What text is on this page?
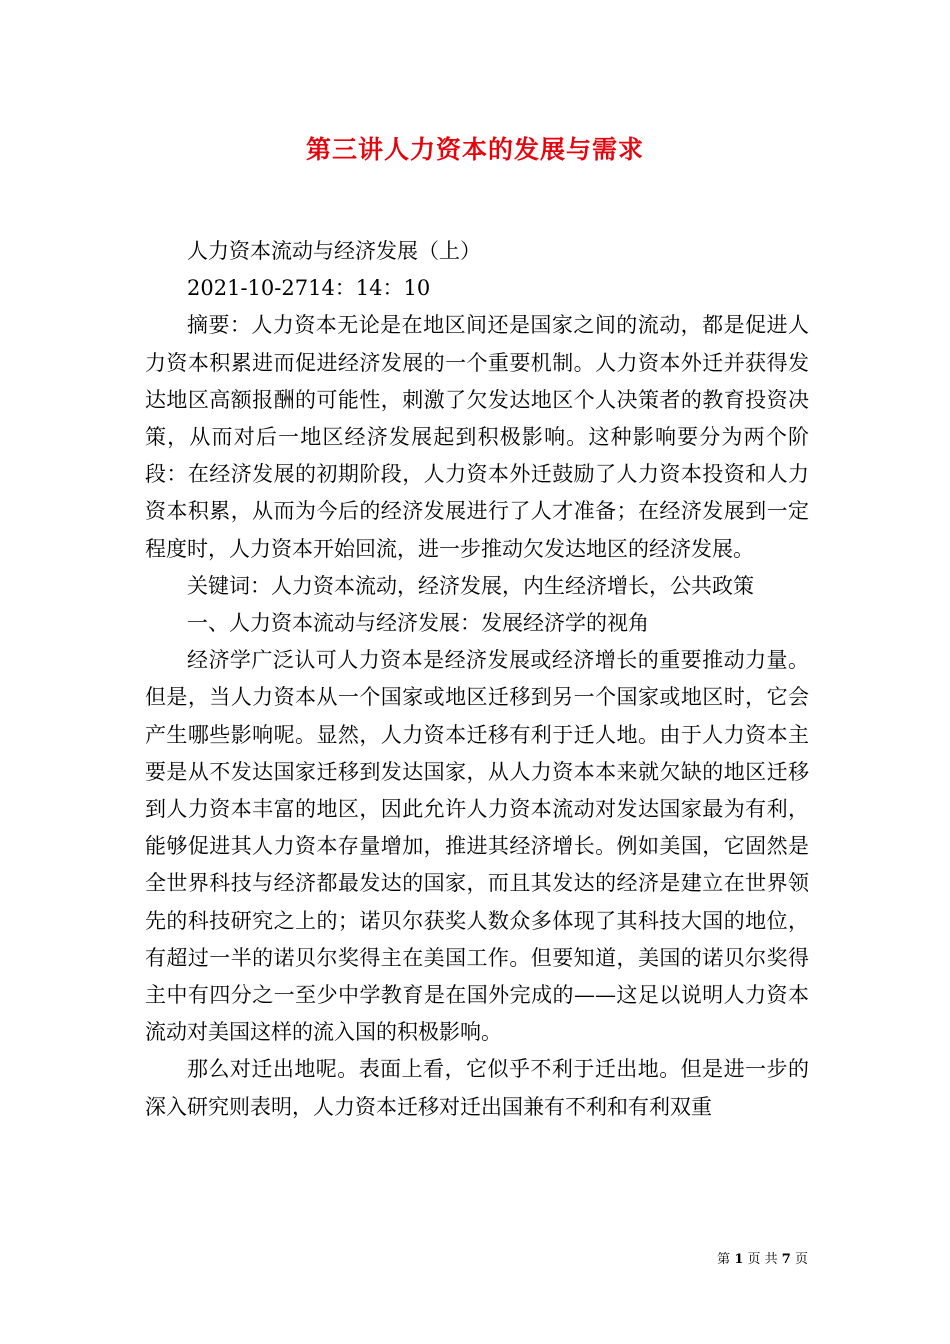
第三讲人力资本的发展与需求

人力资本流动与经济发展（上）

2021-10-2714：14：10

摘要：人力资本无论是在地区间还是国家之间的流动，都是促进人力资本积累进而促进经济发展的一个重要机制。人力资本外迁并获得发达地区高额报酬的可能性，刺激了欠发达地区个人决策者的教育投资决策，从而对后一地区经济发展起到积极影响。这种影响要分为两个阶段：在经济发展的初期阶段，人力资本外迁鼓励了人力资本投资和人力资本积累，从而为今后的经济发展进行了人才准备；在经济发展到一定程度时，人力资本开始回流，进一步推动欠发达地区的经济发展。

关键词：人力资本流动，经济发展，内生经济增长，公共政策

一、人力资本流动与经济发展：发展经济学的视角

经济学广泛认可人力资本是经济发展或经济增长的重要推动力量。但是，当人力资本从一个国家或地区迁移到另一个国家或地区时，它会产生哪些影响呢。显然，人力资本迁移有利于迁人地。由于人力资本主要是从不发达国家迁移到发达国家，从人力资本本来就欠缺的地区迁移到人力资本丰富的地区，因此允许人力资本流动对发达国家最为有利，能够促进其人力资本存量增加，推进其经济增长。例如美国，它固然是全世界科技与经济都最发达的国家，而且其发达的经济是建立在世界领先的科技研究之上的；诺贝尔获奖人数众多体现了其科技大国的地位，有超过一半的诺贝尔奖得主在美国工作。但要知道，美国的诺贝尔奖得主中有四分之一至少中学教育是在国外完成的——这足以说明人力资本流动对美国这样的流入国的积极影响。

那么对迁出地呢。表面上看，它似乎不利于迁出地。但是进一步的深入研究则表明，人力资本迁移对迁出国兼有不利和有利双重

第 1 页 共 7 页
